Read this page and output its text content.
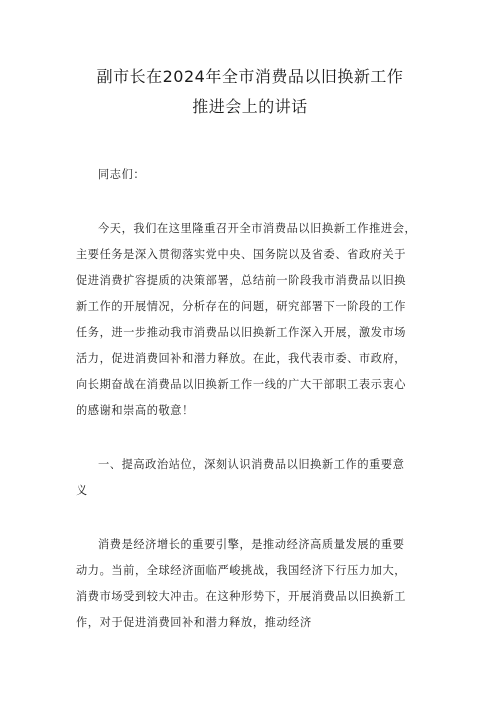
副市长在2024年全市消费品以旧换新工作
推进会上的讲话
同志们：
今天，我们在这里隆重召开全市消费品以旧换新工作推进会，
主要任务是深入贯彻落实党中央、国务院以及省委、省政府关于
促进消费扩容提质的决策部署，总结前一阶段我市消费品以旧换
新工作的开展情况，分析存在的问题，研究部署下一阶段的工作
任务，进一步推动我市消费品以旧换新工作深入开展，激发市场
活力，促进消费回补和潜力释放。在此，我代表市委、市政府，
向长期奋战在消费品以旧换新工作一线的广大干部职工表示衷心
的感谢和崇高的敬意！
一、提高政治站位，深刻认识消费品以旧换新工作的重要意
义
消费是经济增长的重要引擎，是推动经济高质量发展的重要
动力。当前，全球经济面临严峻挑战，我国经济下行压力加大，
消费市场受到较大冲击。在这种形势下，开展消费品以旧换新工
作，对于促进消费回补和潜力释放，推动经济
